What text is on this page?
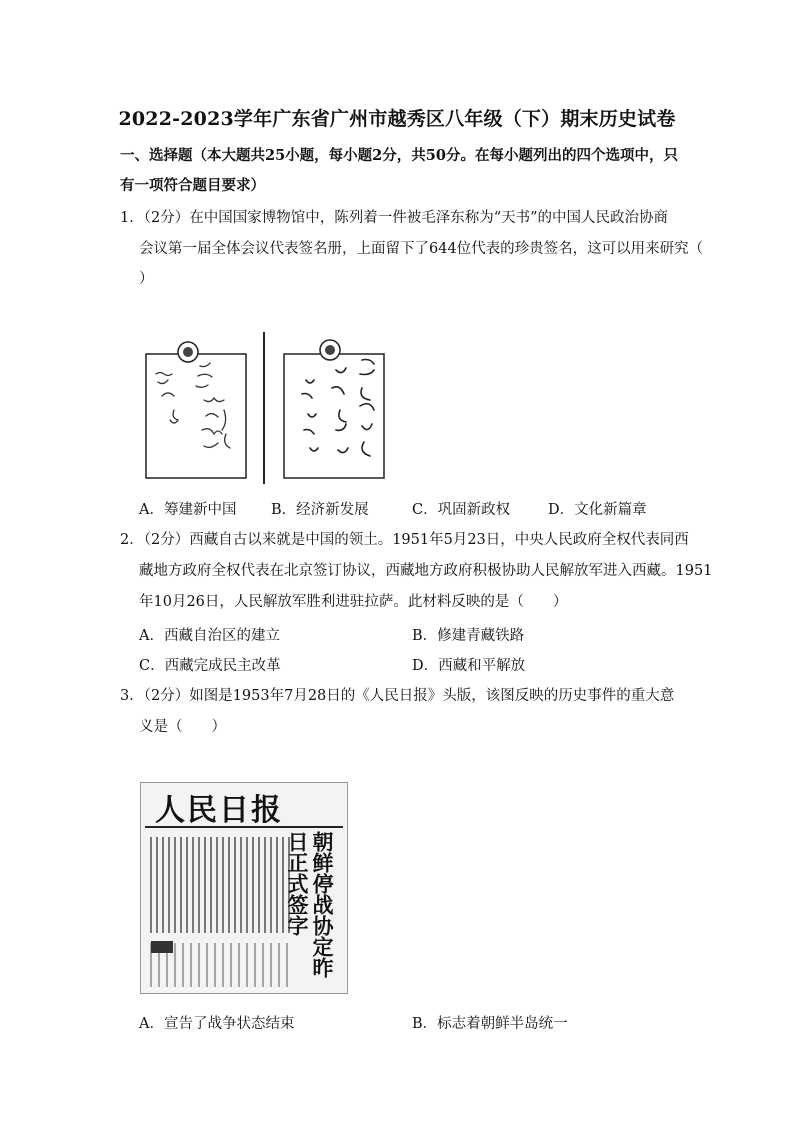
2022-2023学年广东省广州市越秀区八年级（下）期末历史试卷
一、选择题（本大题共25小题，每小题2分，共50分。在每小题列出的四个选项中，只
有一项符合题目要求）
1．（2分）在中国国家博物馆中，陈列着一件被毛泽东称为“天书”的中国人民政治协商
会议第一届全体会议代表签名册，上面留下了644位代表的珍贵签名，这可以用来研究（
）
A．筹建新中国 B．经济新发展	C．巩固新政权	D．文化新篇章
2．（2分）西藏自古以来就是中国的领土。1951年5月23日，中央人民政府全权代表同西
藏地方政府全权代表在北京签订协议，西藏地方政府积极协助人民解放军进入西藏。1951
年10月26日，人民解放军胜利进驻拉萨。此材料反映的是（　　）
A．西藏自治区的建立	B．修建青藏铁路
C．西藏完成民主改革	D．西藏和平解放
3．（2分）如图是1953年7月28日的《人民日报》头版，该图反映的历史事件的重大意
义是（　　）
人民日报
朝鲜停战协定昨日正式签字
A．宣告了战争状态结束	B．标志着朝鲜半岛统一
